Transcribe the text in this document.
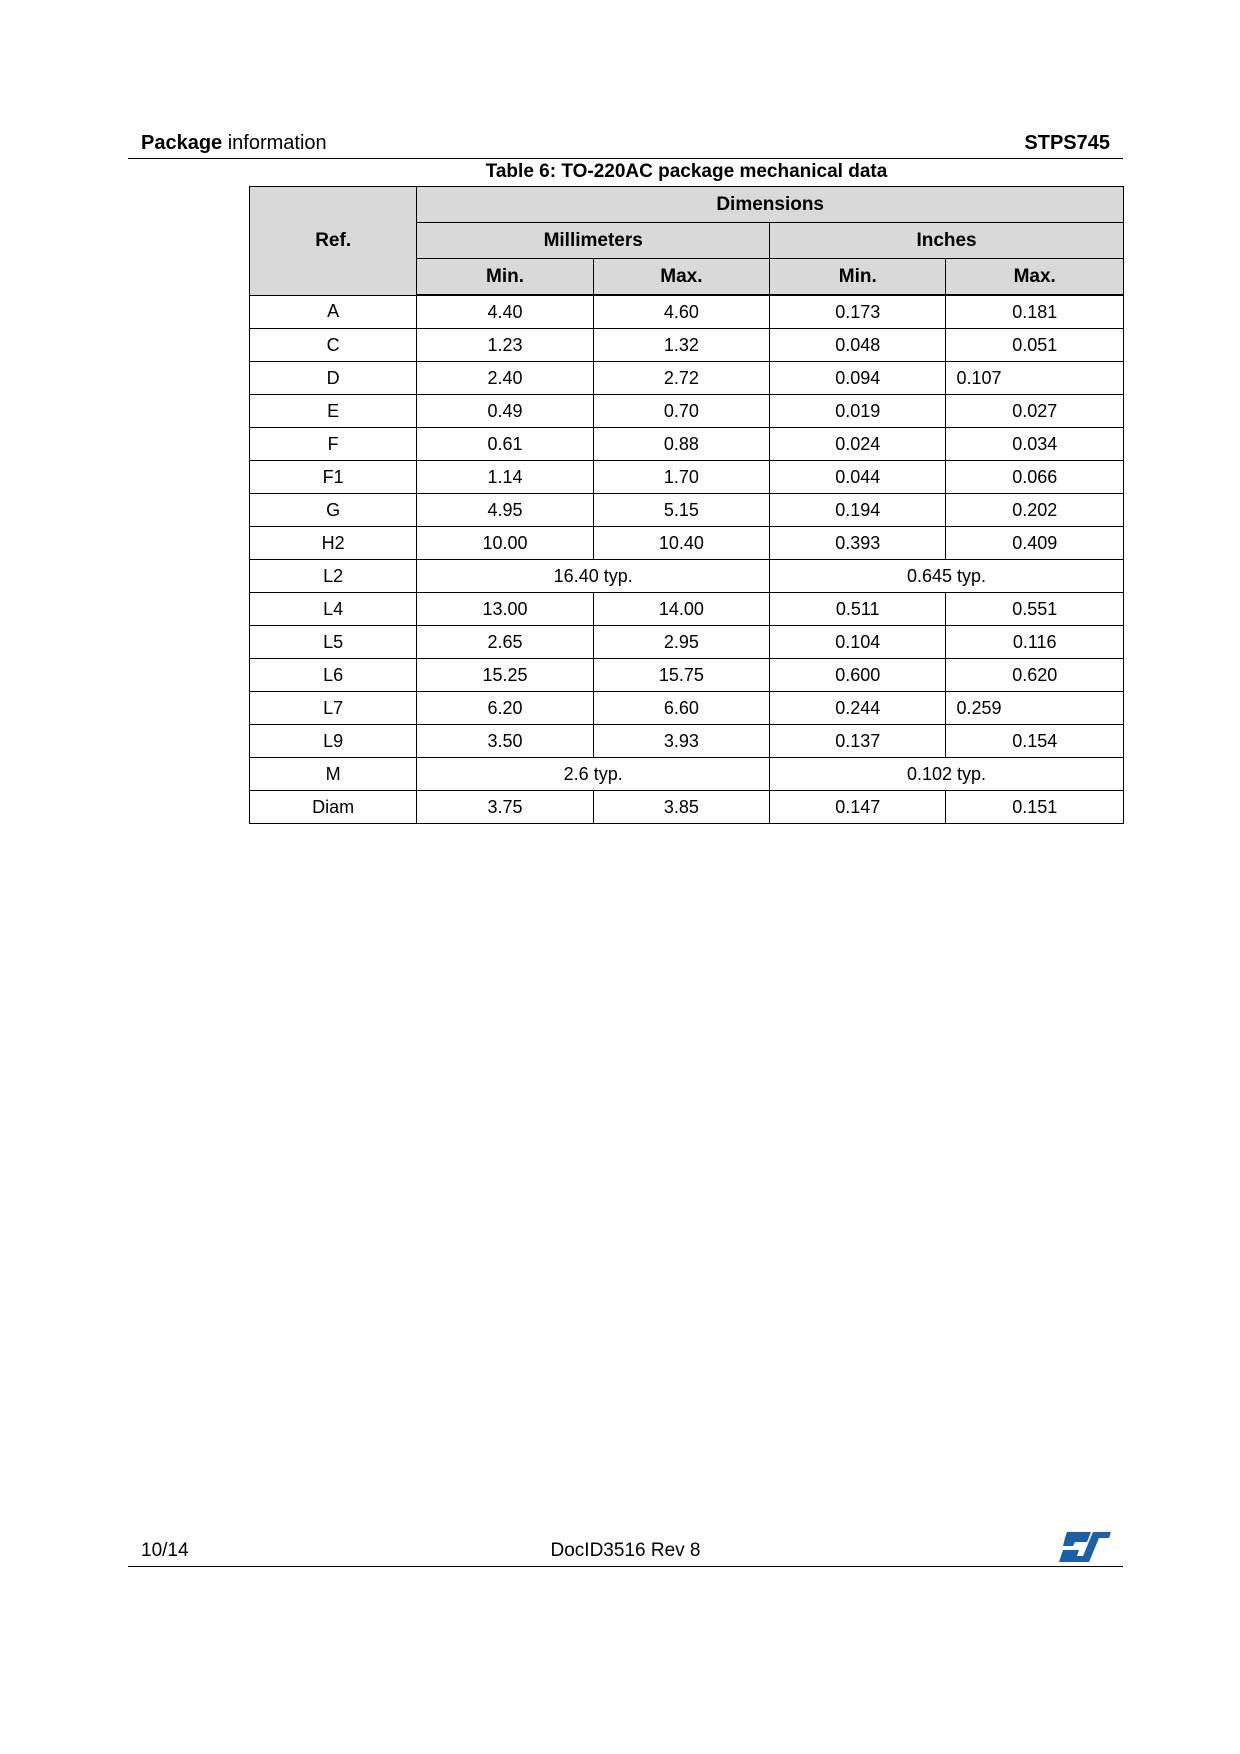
Package information	STPS745
Table 6: TO-220AC package mechanical data
Ref.	Dimensions			
	Millimeters		Inches	
	Min.	Max.	Min.	Max.
A	4.40	4.60	0.173	0.181
C	1.23	1.32	0.048	0.051
D	2.40	2.72	0.094	0.107
E	0.49	0.70	0.019	0.027
F	0.61	0.88	0.024	0.034
F1	1.14	1.70	0.044	0.066
G	4.95	5.15	0.194	0.202
H2	10.00	10.40	0.393	0.409
L2	16.40 typ.		0.645 typ.	
L4	13.00	14.00	0.511	0.551
L5	2.65	2.95	0.104	0.116
L6	15.25	15.75	0.600	0.620
L7	6.20	6.60	0.244	0.259
L9	3.50	3.93	0.137	0.154
M	2.6 typ.		0.102 typ.	
Diam	3.75	3.85	0.147	0.151
10/14	DocID3516 Rev 8
